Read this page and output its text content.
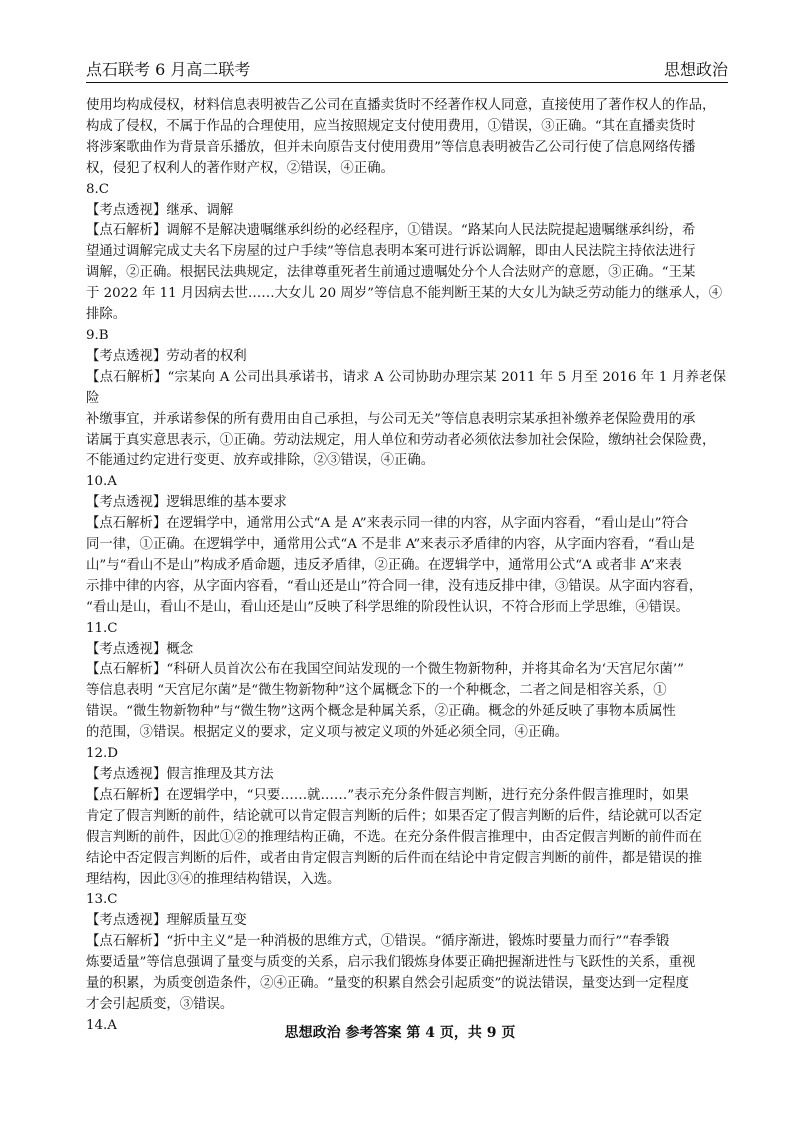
点石联考 6 月高二联考	思想政治

使用均构成侵权，材料信息表明被告乙公司在直播卖货时不经著作权人同意，直接使用了著作权人的作品，

构成了侵权，不属于作品的合理使用，应当按照规定支付使用费用，①错误，③正确。“其在直播卖货时

将涉案歌曲作为背景音乐播放，但并未向原告支付使用费用”等信息表明被告乙公司行使了信息网络传播

权，侵犯了权利人的著作财产权，②错误，④正确。

8.C

【考点透视】继承、调解

【点石解析】调解不是解决遗嘱继承纠纷的必经程序，①错误。“路某向人民法院提起遗嘱继承纠纷，希

望通过调解完成丈夫名下房屋的过户手续”等信息表明本案可进行诉讼调解，即由人民法院主持依法进行

调解，②正确。根据民法典规定，法律尊重死者生前通过遗嘱处分个人合法财产的意愿，③正确。“王某

于 2022 年 11 月因病去世……大女儿 20 周岁”等信息不能判断王某的大女儿为缺乏劳动能力的继承人，④

排除。

9.B

【考点透视】劳动者的权利

【点石解析】“宗某向 A 公司出具承诺书，请求 A 公司协助办理宗某 2011 年 5 月至 2016 年 1 月养老保险

补缴事宜，并承诺参保的所有费用由自己承担，与公司无关”等信息表明宗某承担补缴养老保险费用的承

诺属于真实意思表示，①正确。劳动法规定，用人单位和劳动者必须依法参加社会保险，缴纳社会保险费，

不能通过约定进行变更、放弃或排除，②③错误，④正确。

10.A

【考点透视】逻辑思维的基本要求

【点石解析】在逻辑学中，通常用公式“A 是 A”来表示同一律的内容，从字面内容看，“看山是山”符合

同一律，①正确。在逻辑学中，通常用公式“A 不是非 A”来表示矛盾律的内容，从字面内容看，“看山是

山”与“看山不是山”构成矛盾命题，违反矛盾律，②正确。在逻辑学中，通常用公式“A 或者非 A”来表

示排中律的内容，从字面内容看，“看山还是山”符合同一律，没有违反排中律，③错误。从字面内容看，

“看山是山，看山不是山，看山还是山”反映了科学思维的阶段性认识，不符合形而上学思维，④错误。

11.C

【考点透视】概念

【点石解析】“科研人员首次公布在我国空间站发现的一个微生物新物种，并将其命名为‘天宫尼尔菌’”

等信息表明 “天宫尼尔菌”是“微生物新物种”这个属概念下的一个种概念，二者之间是相容关系，①

错误。“微生物新物种”与“微生物”这两个概念是种属关系，②正确。概念的外延反映了事物本质属性

的范围，③错误。根据定义的要求，定义项与被定义项的外延必须全同，④正确。

12.D

【考点透视】假言推理及其方法

【点石解析】在逻辑学中，“只要……就……”表示充分条件假言判断，进行充分条件假言推理时，如果

肯定了假言判断的前件，结论就可以肯定假言判断的后件；如果否定了假言判断的后件，结论就可以否定

假言判断的前件，因此①②的推理结构正确，不选。在充分条件假言推理中，由否定假言判断的前件而在

结论中否定假言判断的后件，或者由肯定假言判断的后件而在结论中肯定假言判断的前件，都是错误的推

理结构，因此③④的推理结构错误，入选。

13.C

【考点透视】理解质量互变

【点石解析】“折中主义”是一种消极的思维方式，①错误。“循序渐进，锻炼时要量力而行”“春季锻

炼要适量”等信息强调了量变与质变的关系，启示我们锻炼身体要正确把握渐进性与飞跃性的关系，重视

量的积累，为质变创造条件，②④正确。“量变的积累自然会引起质变”的说法错误，量变达到一定程度

才会引起质变，③错误。

14.A	思想政治 参考答案 第 4 页，共 9 页
